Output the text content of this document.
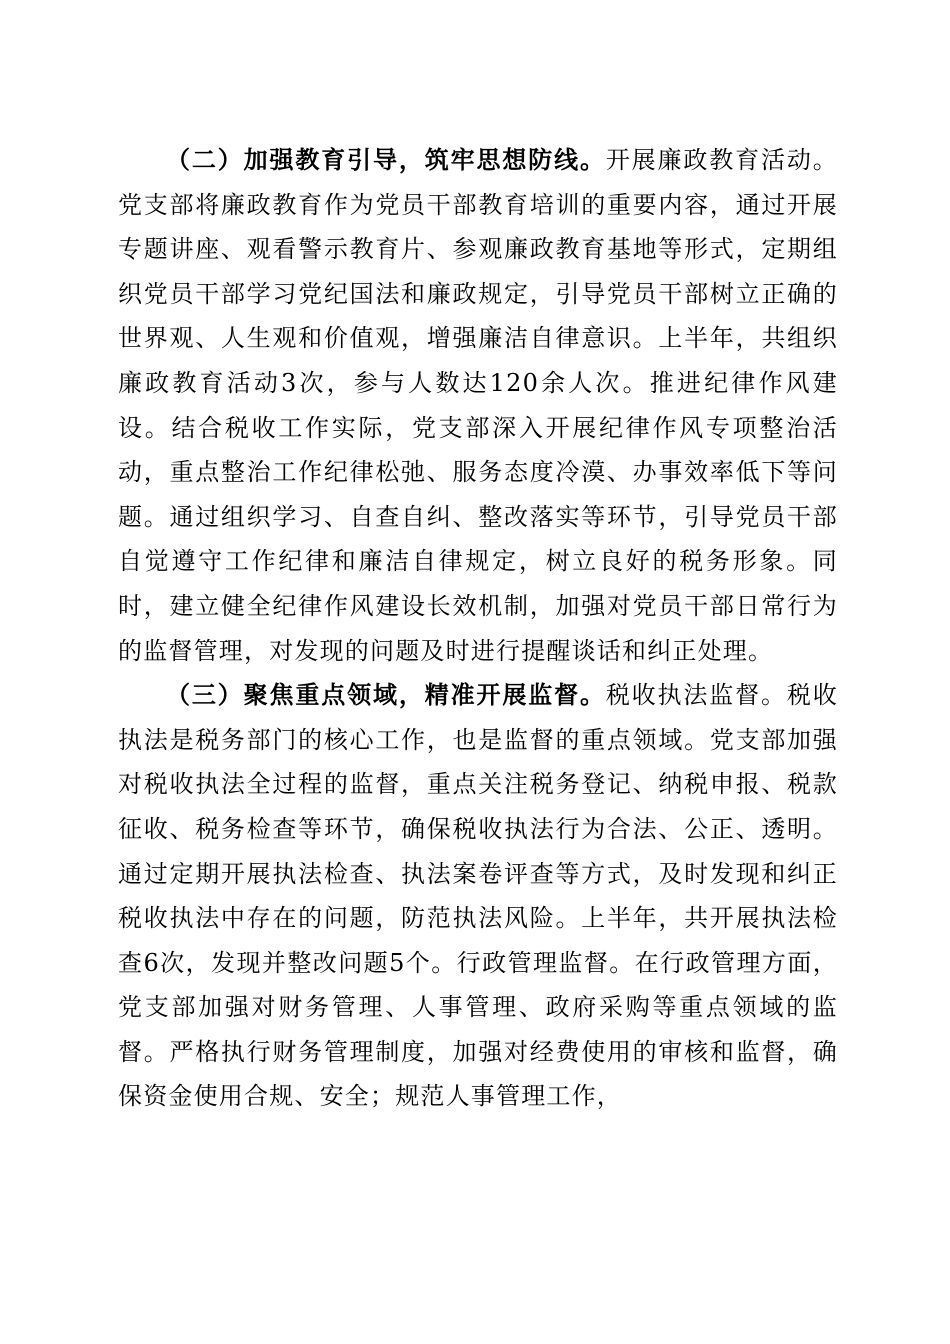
（二）加强教育引导，筑牢思想防线。开展廉政教育活动。党支部将廉政教育作为党员干部教育培训的重要内容，通过开展专题讲座、观看警示教育片、参观廉政教育基地等形式，定期组织党员干部学习党纪国法和廉政规定，引导党员干部树立正确的世界观、人生观和价值观，增强廉洁自律意识。上半年，共组织廉政教育活动3次，参与人数达120余人次。推进纪律作风建设。结合税收工作实际，党支部深入开展纪律作风专项整治活动，重点整治工作纪律松弛、服务态度冷漠、办事效率低下等问题。通过组织学习、自查自纠、整改落实等环节，引导党员干部自觉遵守工作纪律和廉洁自律规定，树立良好的税务形象。同时，建立健全纪律作风建设长效机制，加强对党员干部日常行为的监督管理，对发现的问题及时进行提醒谈话和纠正处理。

（三）聚焦重点领域，精准开展监督。税收执法监督。税收执法是税务部门的核心工作，也是监督的重点领域。党支部加强对税收执法全过程的监督，重点关注税务登记、纳税申报、税款征收、税务检查等环节，确保税收执法行为合法、公正、透明。通过定期开展执法检查、执法案卷评查等方式，及时发现和纠正税收执法中存在的问题，防范执法风险。上半年，共开展执法检查6次，发现并整改问题5个。行政管理监督。在行政管理方面，党支部加强对财务管理、人事管理、政府采购等重点领域的监督。严格执行财务管理制度，加强对经费使用的审核和监督，确保资金使用合规、安全；规范人事管理工作，
